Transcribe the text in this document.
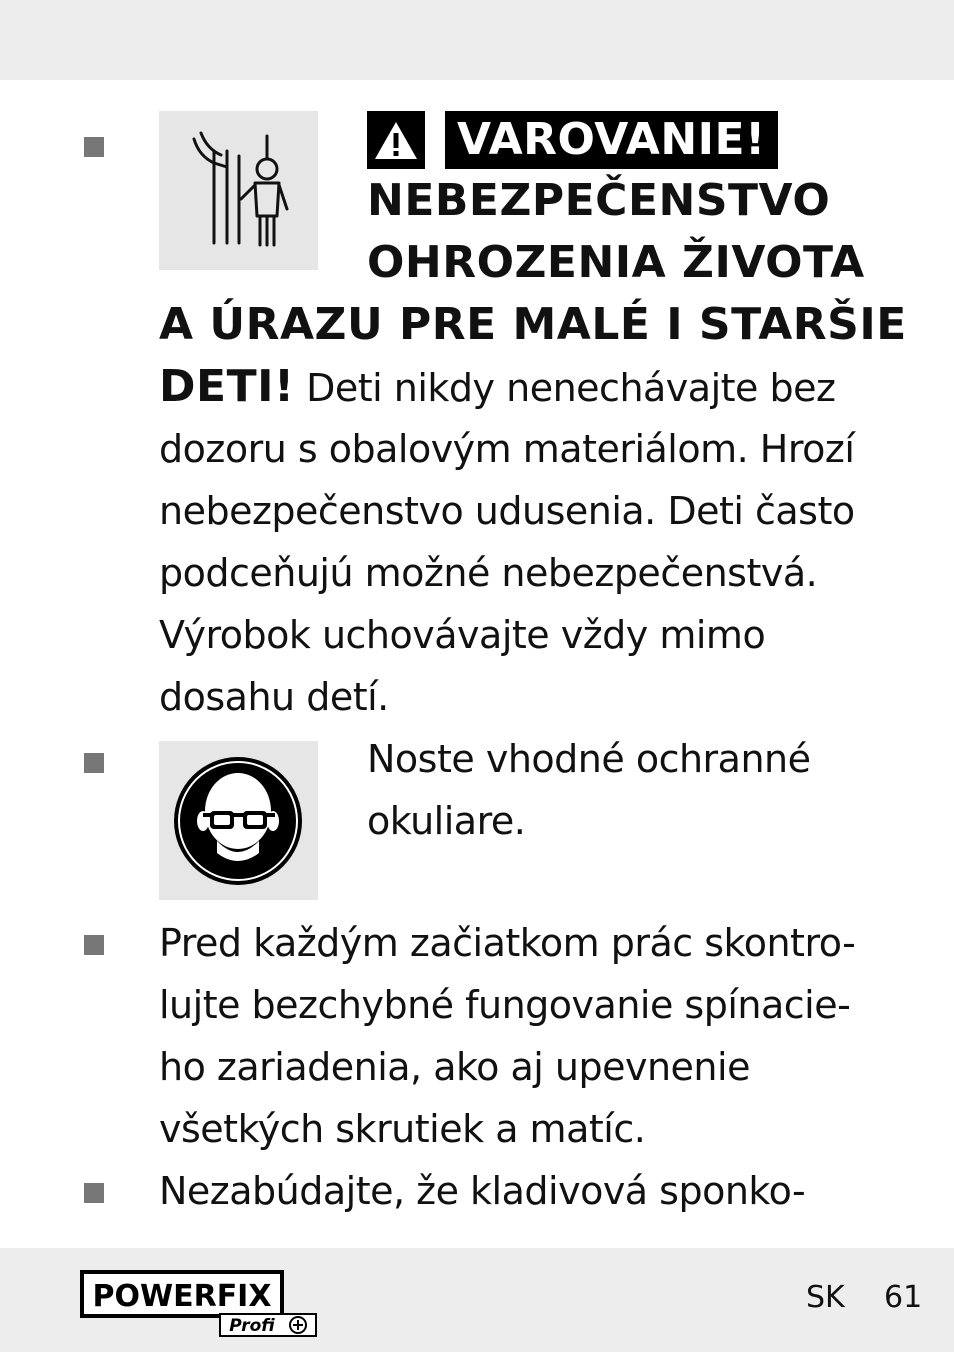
VAROVANIE!
NEBEZPEČENSTVO
OHROZENIA ŽIVOTA
A ÚRAZU PRE MALÉ I STARŠIE
DETI! Deti nikdy nenechávajte bez
dozoru s obalovým materiálom. Hrozí
nebezpečenstvo udusenia. Deti často
podceňujú možné nebezpečenstvá.
Výrobok uchovávajte vždy mimo
dosahu detí.
Noste vhodné ochranné
okuliare.
Pred každým začiatkom prác skontro-
lujte bezchybné fungovanie spínacie-
ho zariadenia, ako aj upevnenie
všetkých skrutiek a matíc.
Nezabúdajte, že kladivová sponko-
POWERFIX
Profi
SK 61
